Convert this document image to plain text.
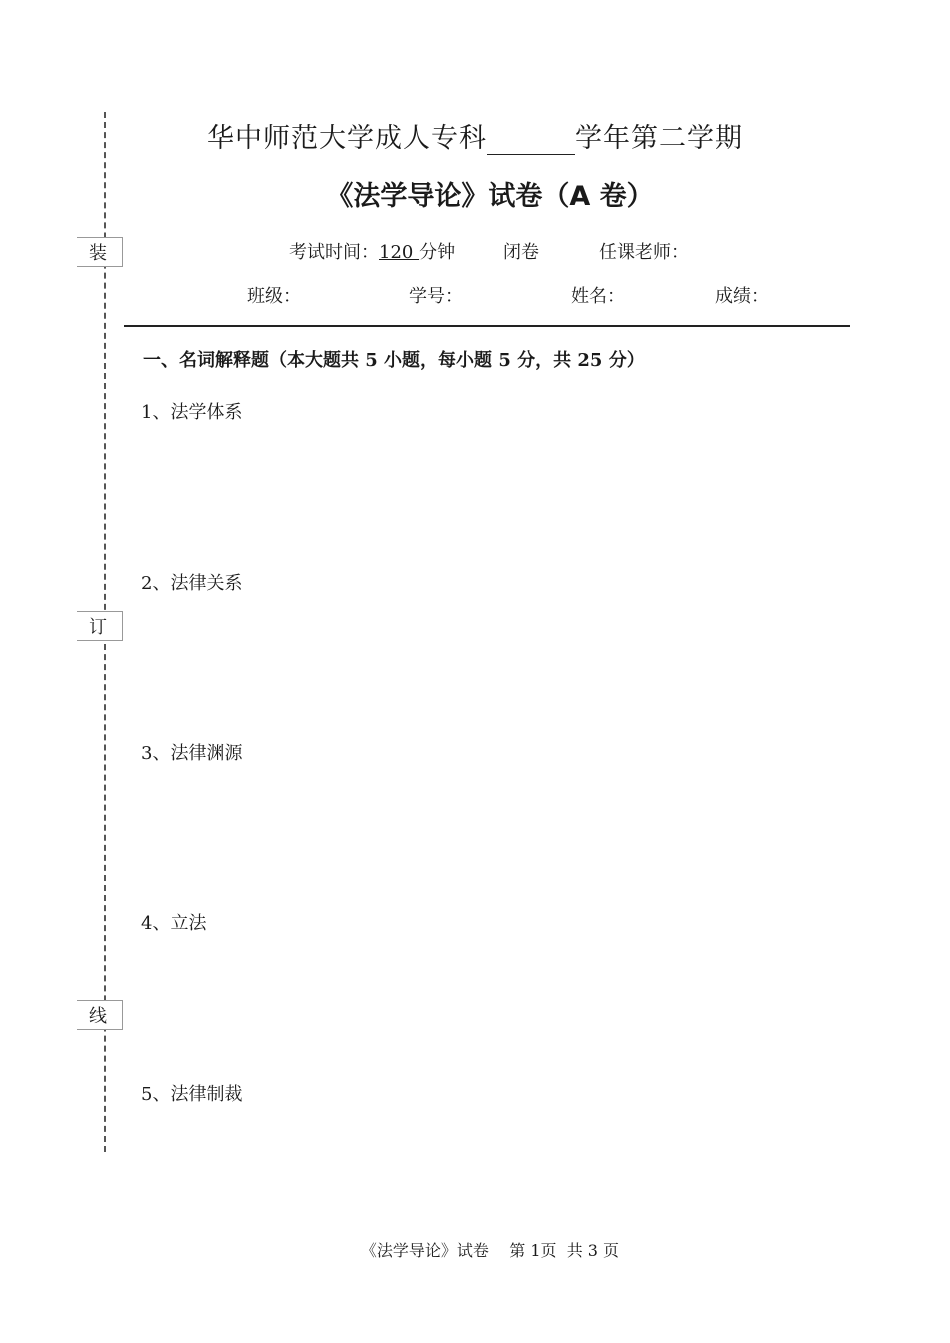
装
订
线
华中师范大学成人专科	学年第二学期
《法学导论》试卷（A 卷）
考试时间：120 分钟	闭卷	任课老师：
班级：	学号：	姓名：	成绩：
一、名词解释题（本大题共 5 小题，每小题 5 分，共 25 分）
1、法学体系
2、法律关系
3、法律渊源
4、立法
5、法律制裁
《法学导论》试卷    第 1页  共 3 页
